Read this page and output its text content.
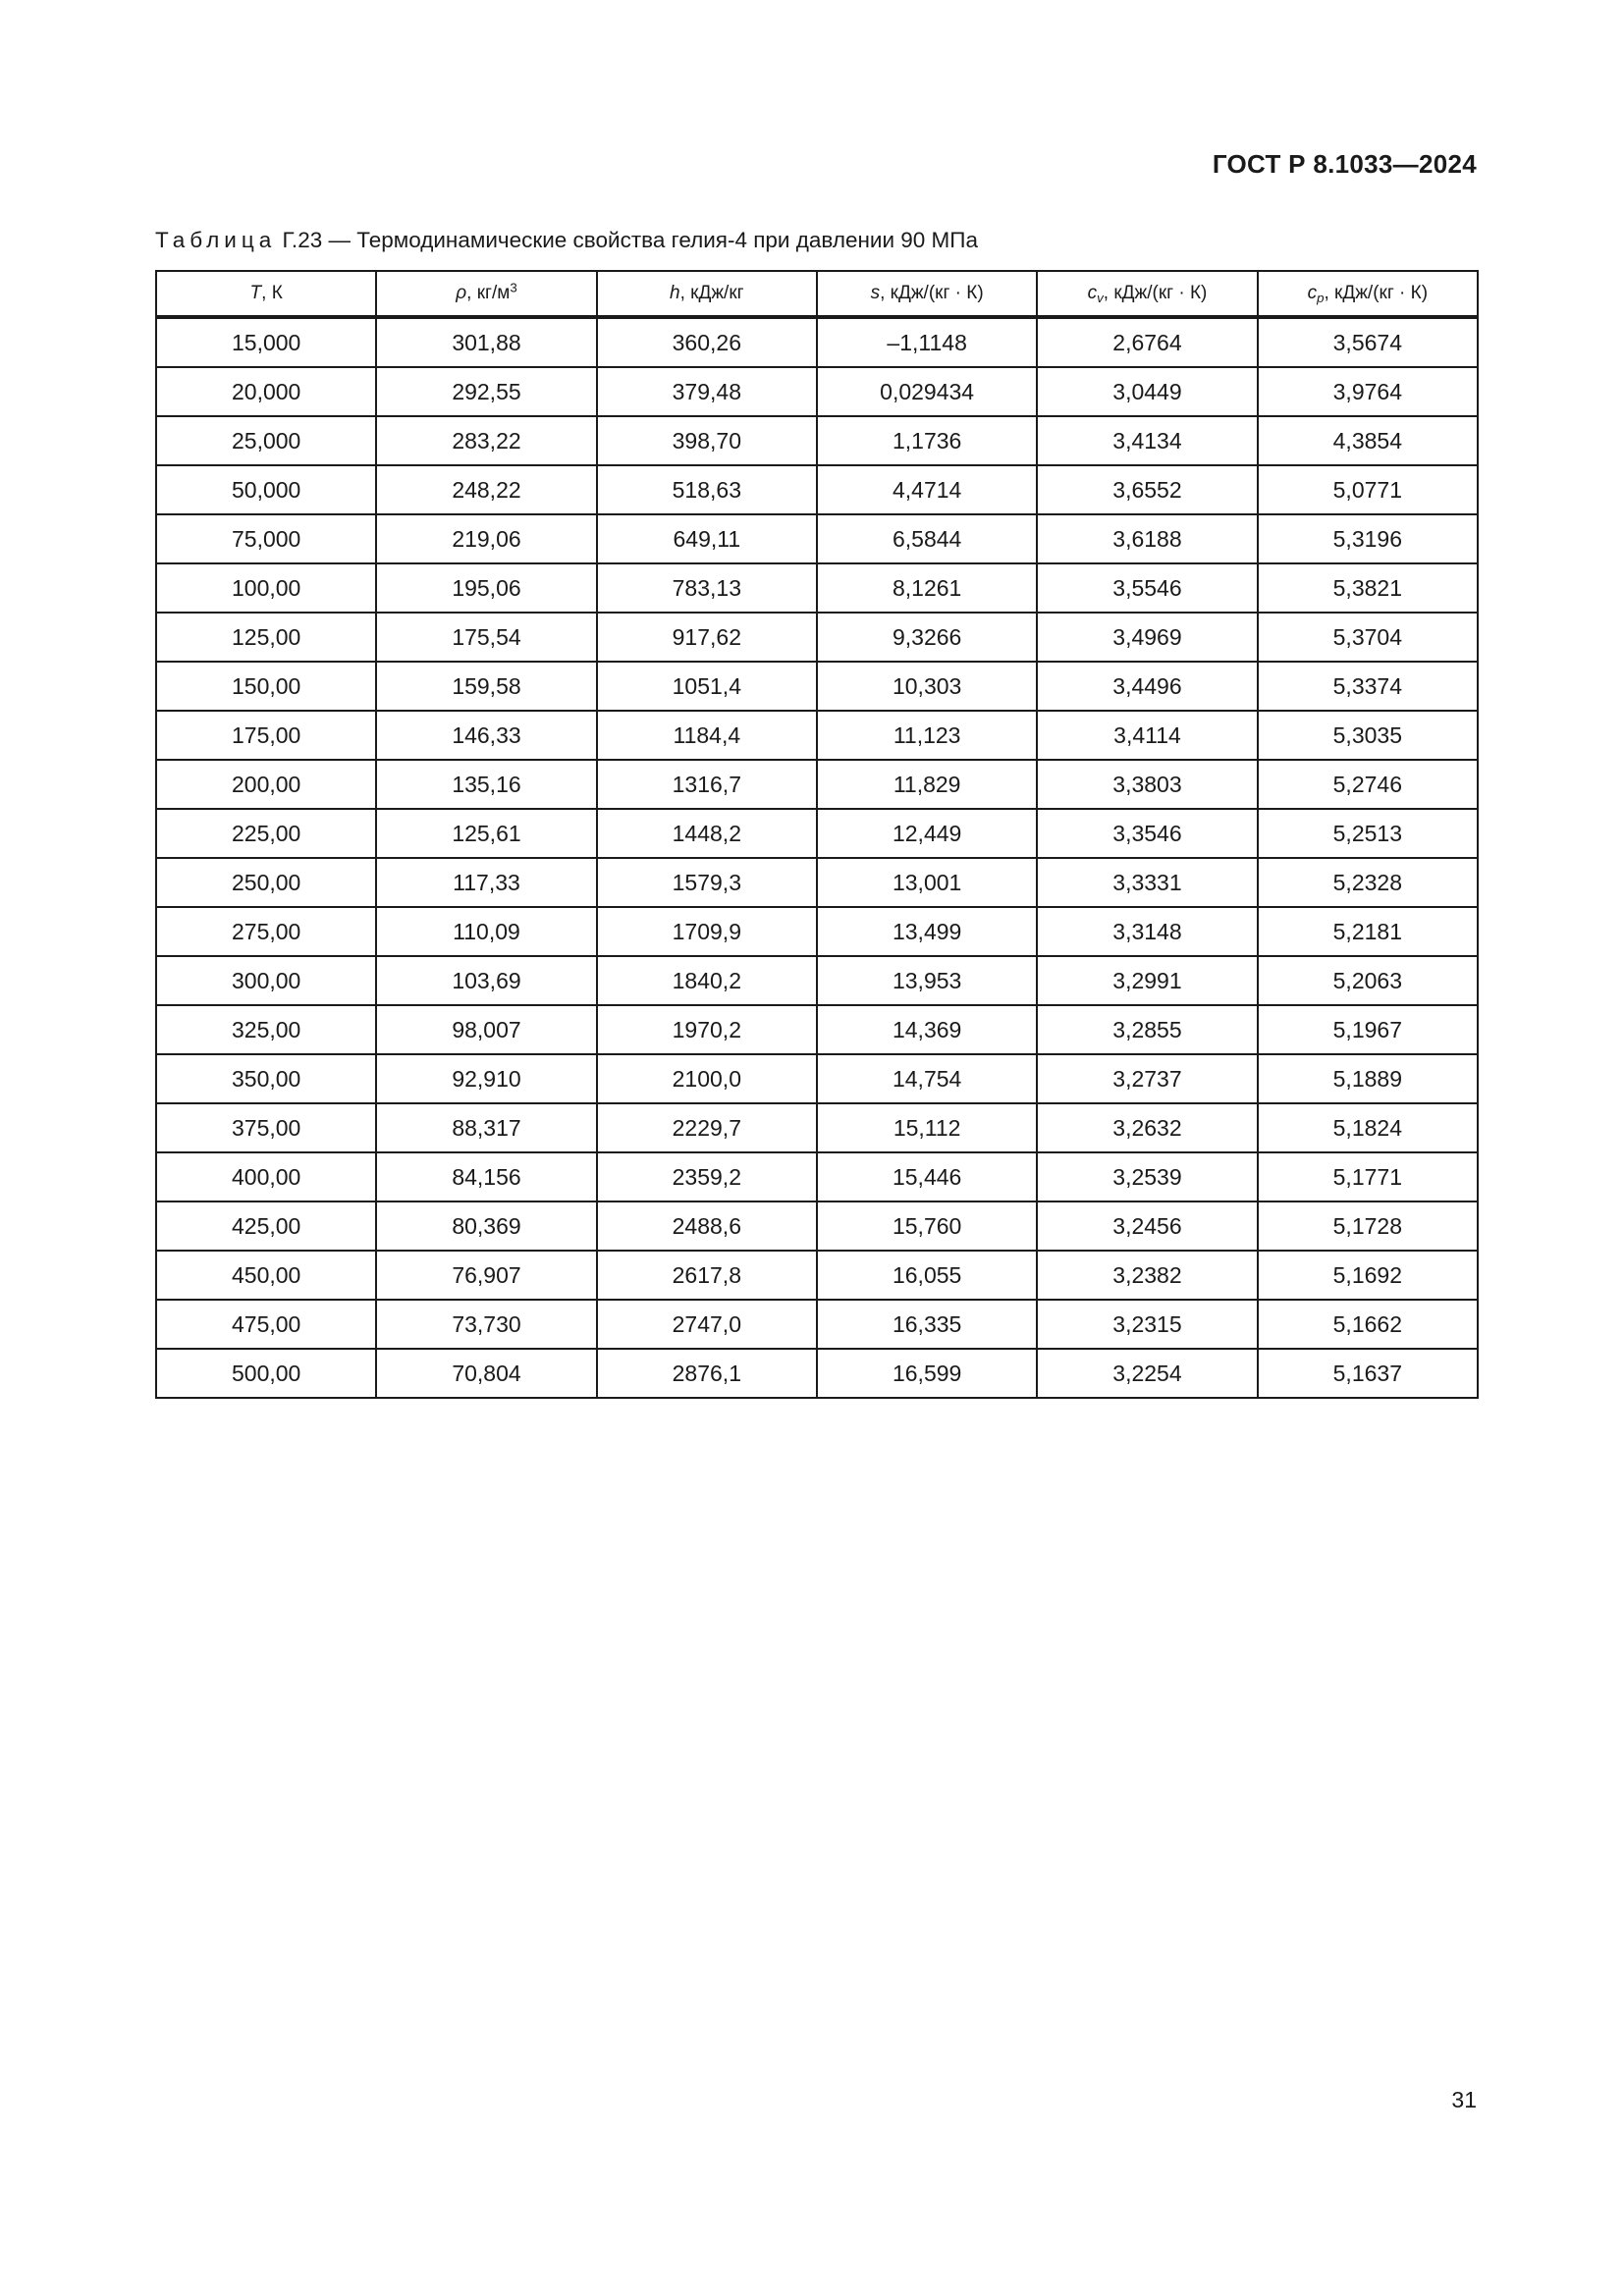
ГОСТ Р 8.1033—2024
Таблица Г.23 — Термодинамические свойства гелия-4 при давлении 90 МПа
T, К	ρ, $кг/м^3$	h, кДж/кг	s, кДж/(кг · К)	$c_v$, кДж/(кг · К)	$c_p$, кДж/(кг · К)
15,000	301,88	360,26	–1,1148	2,6764	3,5674
20,000	292,55	379,48	0,029434	3,0449	3,9764
25,000	283,22	398,70	1,1736	3,4134	4,3854
50,000	248,22	518,63	4,4714	3,6552	5,0771
75,000	219,06	649,11	6,5844	3,6188	5,3196
100,00	195,06	783,13	8,1261	3,5546	5,3821
125,00	175,54	917,62	9,3266	3,4969	5,3704
150,00	159,58	1051,4	10,303	3,4496	5,3374
175,00	146,33	1184,4	11,123	3,4114	5,3035
200,00	135,16	1316,7	11,829	3,3803	5,2746
225,00	125,61	1448,2	12,449	3,3546	5,2513
250,00	117,33	1579,3	13,001	3,3331	5,2328
275,00	110,09	1709,9	13,499	3,3148	5,2181
300,00	103,69	1840,2	13,953	3,2991	5,2063
325,00	98,007	1970,2	14,369	3,2855	5,1967
350,00	92,910	2100,0	14,754	3,2737	5,1889
375,00	88,317	2229,7	15,112	3,2632	5,1824
400,00	84,156	2359,2	15,446	3,2539	5,1771
425,00	80,369	2488,6	15,760	3,2456	5,1728
450,00	76,907	2617,8	16,055	3,2382	5,1692
475,00	73,730	2747,0	16,335	3,2315	5,1662
500,00	70,804	2876,1	16,599	3,2254	5,1637
31
